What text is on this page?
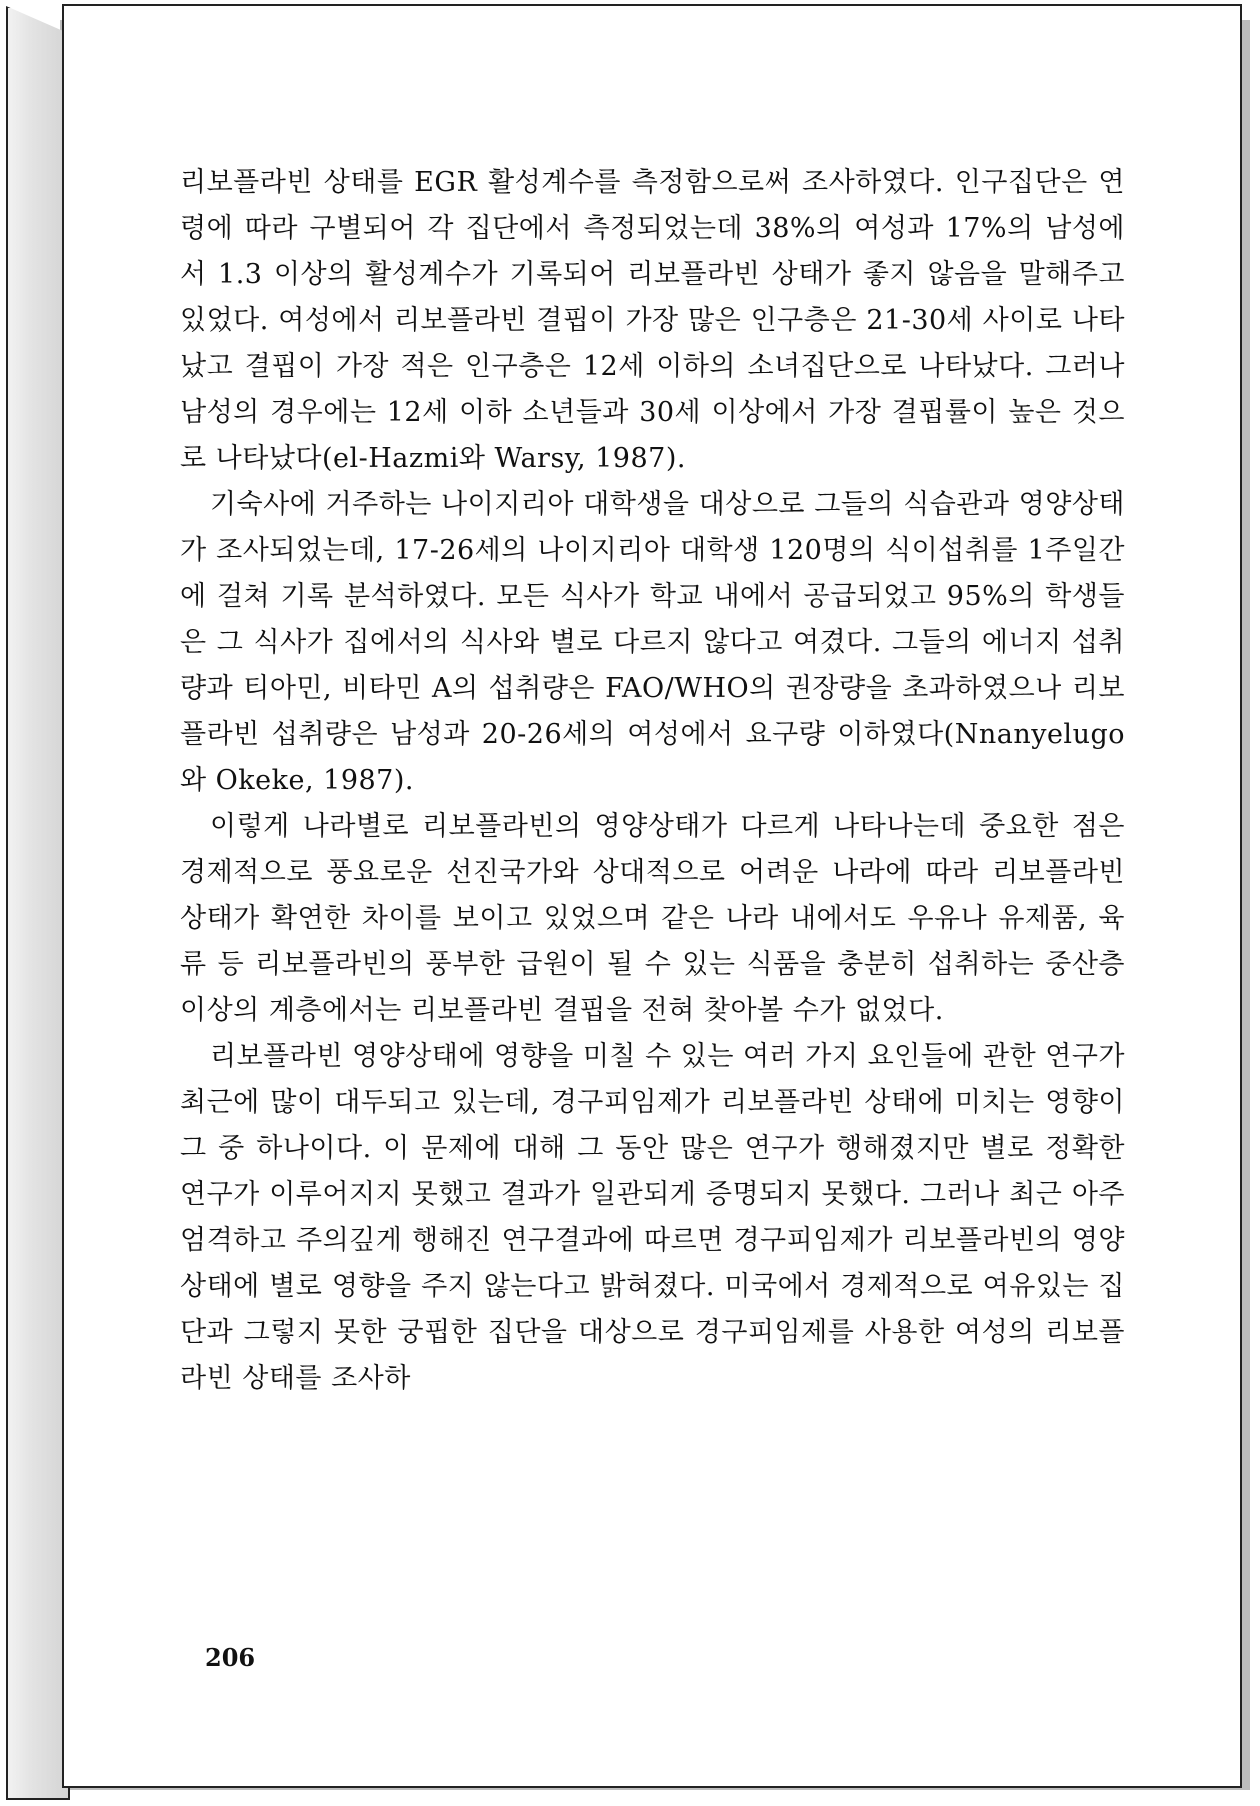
리보플라빈 상태를 EGR 활성계수를 측정함으로써 조사하였다. 인구집단은 연령에 따라 구별되어 각 집단에서 측정되었는데 38%의 여성과 17%의 남성에서 1.3 이상의 활성계수가 기록되어 리보플라빈 상태가 좋지 않음을 말해주고 있었다. 여성에서 리보플라빈 결핍이 가장 많은 인구층은 21-30세 사이로 나타났고 결핍이 가장 적은 인구층은 12세 이하의 소녀집단으로 나타났다. 그러나 남성의 경우에는 12세 이하 소년들과 30세 이상에서 가장 결핍률이 높은 것으로 나타났다(el-Hazmi와 Warsy, 1987).

기숙사에 거주하는 나이지리아 대학생을 대상으로 그들의 식습관과 영양상태가 조사되었는데, 17-26세의 나이지리아 대학생 120명의 식이섭취를 1주일간에 걸쳐 기록 분석하였다. 모든 식사가 학교 내에서 공급되었고 95%의 학생들은 그 식사가 집에서의 식사와 별로 다르지 않다고 여겼다. 그들의 에너지 섭취량과 티아민, 비타민 A의 섭취량은 FAO/WHO의 권장량을 초과하였으나 리보플라빈 섭취량은 남성과 20-26세의 여성에서 요구량 이하였다(Nnanyelugo와 Okeke, 1987).

이렇게 나라별로 리보플라빈의 영양상태가 다르게 나타나는데 중요한 점은 경제적으로 풍요로운 선진국가와 상대적으로 어려운 나라에 따라 리보플라빈 상태가 확연한 차이를 보이고 있었으며 같은 나라 내에서도 우유나 유제품, 육류 등 리보플라빈의 풍부한 급원이 될 수 있는 식품을 충분히 섭취하는 중산층 이상의 계층에서는 리보플라빈 결핍을 전혀 찾아볼 수가 없었다.

리보플라빈 영양상태에 영향을 미칠 수 있는 여러 가지 요인들에 관한 연구가 최근에 많이 대두되고 있는데, 경구피임제가 리보플라빈 상태에 미치는 영향이 그 중 하나이다. 이 문제에 대해 그 동안 많은 연구가 행해졌지만 별로 정확한 연구가 이루어지지 못했고 결과가 일관되게 증명되지 못했다. 그러나 최근 아주 엄격하고 주의깊게 행해진 연구결과에 따르면 경구피임제가 리보플라빈의 영양상태에 별로 영향을 주지 않는다고 밝혀졌다. 미국에서 경제적으로 여유있는 집단과 그렇지 못한 궁핍한 집단을 대상으로 경구피임제를 사용한 여성의 리보플라빈 상태를 조사하

206
